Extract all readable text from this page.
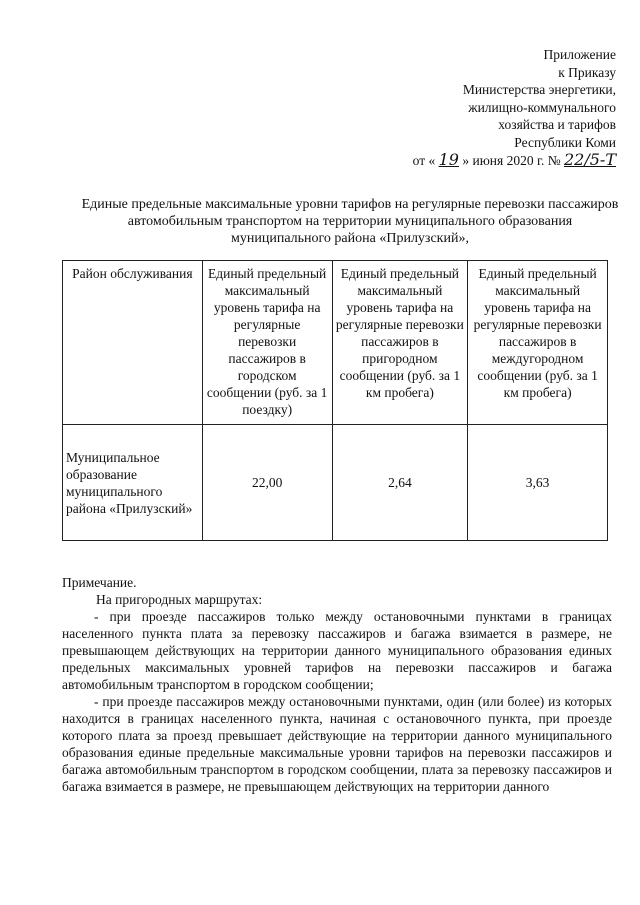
Приложение
к Приказу
Министерства энергетики,
жилищно-коммунального
хозяйства и тарифов
Республики Коми
от « 19 » июня 2020 г. № 22/5-Т
Единые предельные максимальные уровни тарифов на регулярные перевозки пассажиров автомобильным транспортом на территории муниципального образования муниципального района «Прилузский»,
Район обслуживания	Единый предельный максимальный уровень тарифа на регулярные перевозки пассажиров в городском сообщении (руб. за 1 поездку)	Единый предельный максимальный уровень тарифа на регулярные перевозки пассажиров в пригородном сообщении (руб. за 1 км пробега)	Единый предельный максимальный уровень тарифа на регулярные перевозки пассажиров в междугородном сообщении (руб. за 1 км пробега)
Муниципальное образование муниципального района «Прилузский»	22,00	2,64	3,63

Примечание.

На пригородных маршрутах:

- при проезде пассажиров только между остановочными пунктами в границах населенного пункта плата за перевозку пассажиров и багажа взимается в размере, не превышающем действующих на территории данного муниципального образования единых предельных максимальных уровней тарифов на перевозки пассажиров и багажа автомобильным транспортом в городском сообщении;

- при проезде пассажиров между остановочными пунктами, один (или более) из которых находится в границах населенного пункта, начиная с остановочного пункта, при проезде которого плата за проезд превышает действующие на территории данного муниципального образования единые предельные максимальные уровни тарифов на перевозки пассажиров и багажа автомобильным транспортом в городском сообщении, плата за перевозку пассажиров и багажа взимается в размере, не превышающем действующих на территории данного
